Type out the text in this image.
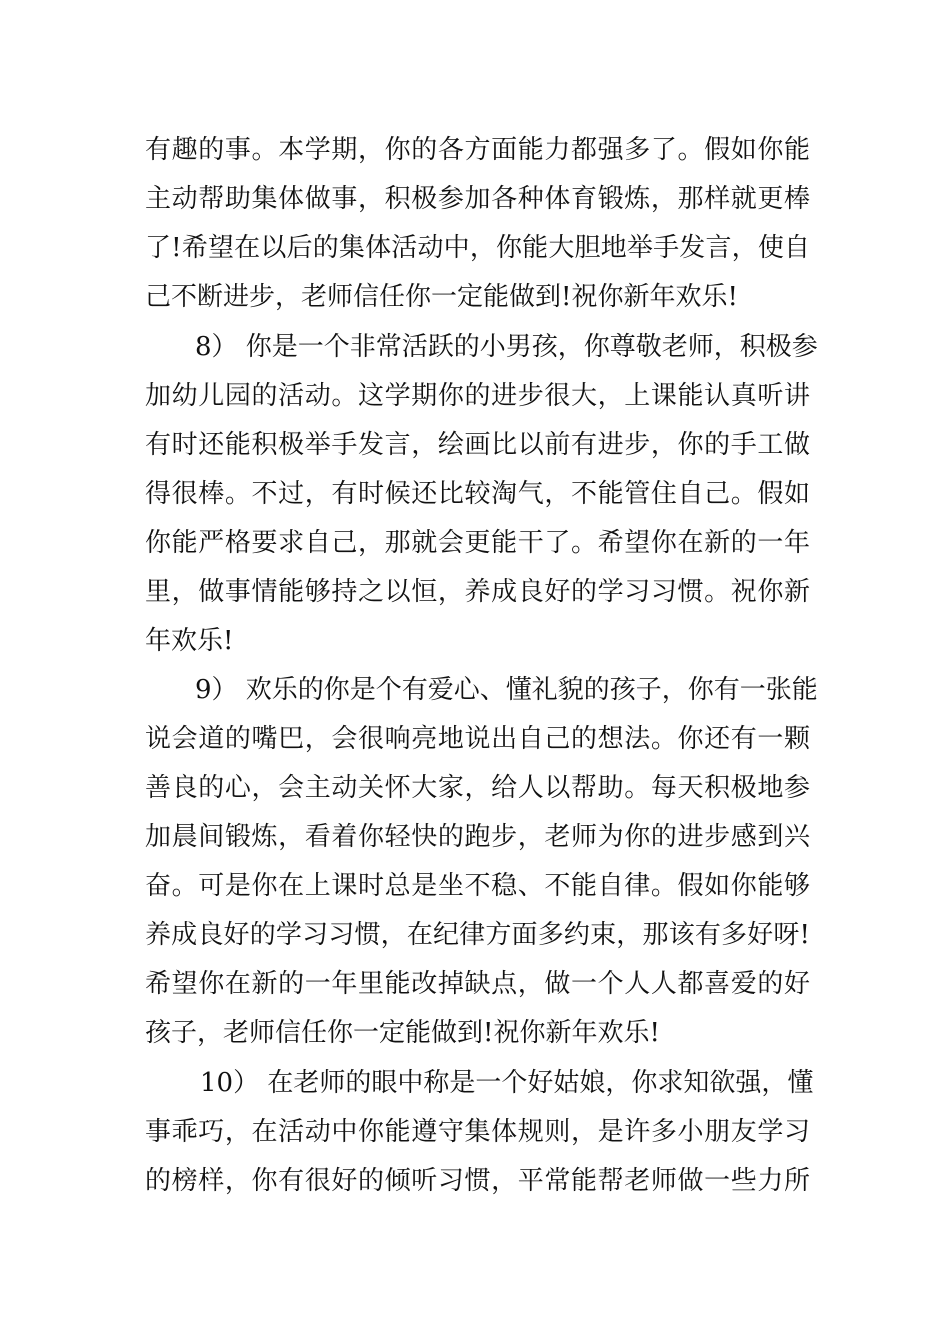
有趣的事。本学期，你的各方面能力都强多了。假如你能
主动帮助集体做事，积极参加各种体育锻炼，那样就更棒
了!希望在以后的集体活动中，你能大胆地举手发言，使自
己不断进步，老师信任你一定能做到!祝你新年欢乐!
8） 你是一个非常活跃的小男孩，你尊敬老师，积极参
加幼儿园的活动。这学期你的进步很大，上课能认真听讲
有时还能积极举手发言，绘画比以前有进步，你的手工做
得很棒。不过，有时候还比较淘气，不能管住自己。假如
你能严格要求自己，那就会更能干了。希望你在新的一年
里，做事情能够持之以恒，养成良好的学习习惯。祝你新
年欢乐!
9） 欢乐的你是个有爱心、懂礼貌的孩子，你有一张能
说会道的嘴巴，会很响亮地说出自己的想法。你还有一颗
善良的心，会主动关怀大家，给人以帮助。每天积极地参
加晨间锻炼，看着你轻快的跑步，老师为你的进步感到兴
奋。可是你在上课时总是坐不稳、不能自律。假如你能够
养成良好的学习习惯，在纪律方面多约束，那该有多好呀!
希望你在新的一年里能改掉缺点，做一个人人都喜爱的好
孩子，老师信任你一定能做到!祝你新年欢乐!
10） 在老师的眼中称是一个好姑娘，你求知欲强，懂
事乖巧，在活动中你能遵守集体规则，是许多小朋友学习
的榜样，你有很好的倾听习惯，平常能帮老师做一些力所
